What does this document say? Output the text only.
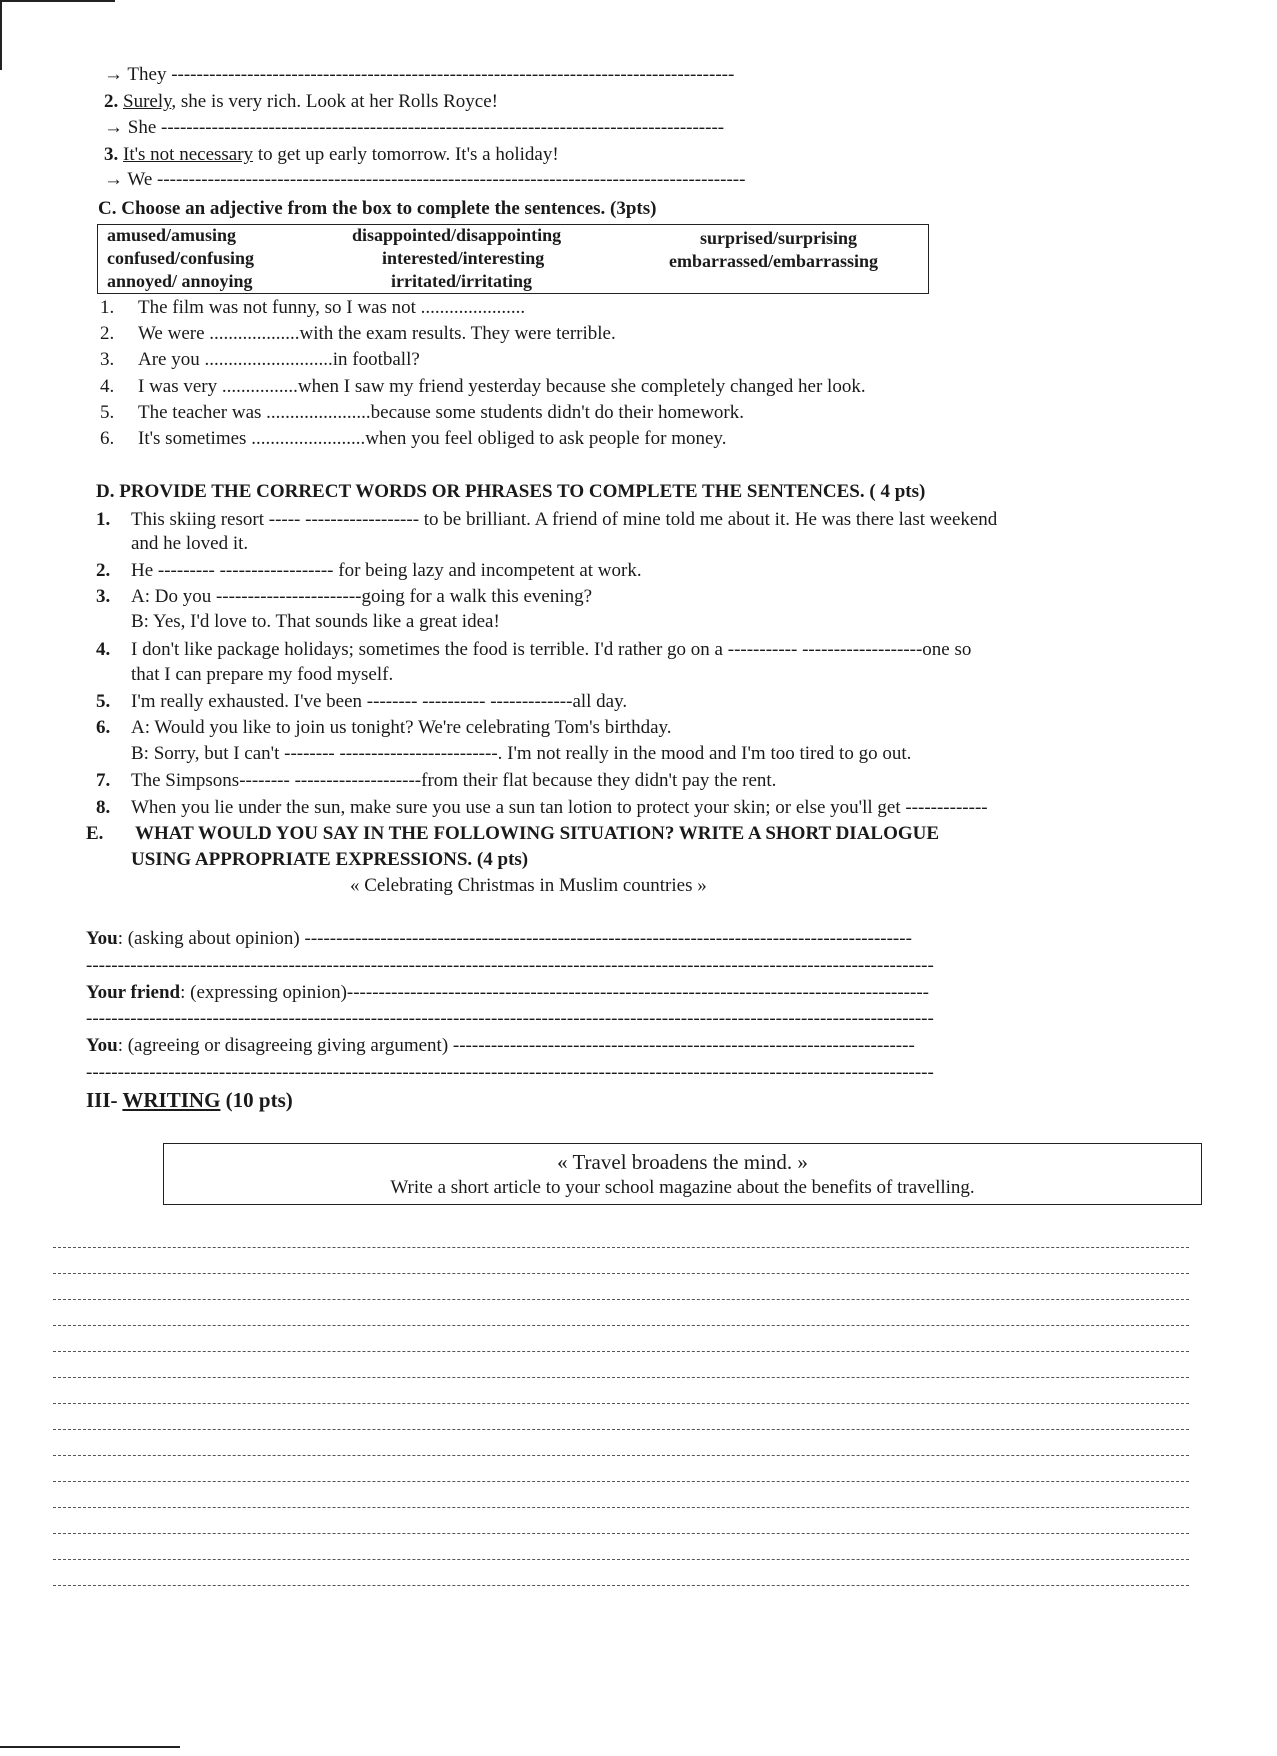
→ They -----------------------------------------------------------------------------------------
2. Surely, she is very rich. Look at her Rolls Royce!
→ She -----------------------------------------------------------------------------------------
3. It's not necessary to get up early tomorrow. It's a holiday!
→ We ---------------------------------------------------------------------------------------------
C. Choose an adjective from the box to complete the sentences. (3pts)
amused/amusing	disappointed/disappointing	surprised/surprising
confused/confusing	interested/interesting	embarrassed/embarrassing
annoyed/ annoying	irritated/irritating
1. The film was not funny, so I was not ......................
2. We were ...................with the exam results. They were terrible.
3. Are you ...........................in football?
4. I was very ................when I saw my friend yesterday because she completely changed her look.
5. The teacher was ......................because some students didn't do their homework.
6. It's sometimes ........................when you feel obliged to ask people for money.
D. PROVIDE THE CORRECT WORDS OR PHRASES TO COMPLETE THE SENTENCES. ( 4 pts)
1. This skiing resort ----- ------------------ to be brilliant. A friend of mine told me about it. He was there last weekend
and he loved it.
2. He --------- ------------------ for being lazy and incompetent at work.
3. A: Do you -----------------------going for a walk this evening?
B: Yes, I'd love to. That sounds like a great idea!
4. I don't like package holidays; sometimes the food is terrible. I'd rather go on a ----------- -------------------one so
that I can prepare my food myself.
5. I'm really exhausted. I've been -------- ---------- -------------all day.
6. A: Would you like to join us tonight? We're celebrating Tom's birthday.
B: Sorry, but I can't -------- -------------------------. I'm not really in the mood and I'm too tired to go out.
7. The Simpsons-------- --------------------from their flat because they didn't pay the rent.
8. When you lie under the sun, make sure you use a sun tan lotion to protect your skin; or else you'll get -------------
E. WHAT WOULD YOU SAY IN THE FOLLOWING SITUATION? WRITE A SHORT DIALOGUE
USING APPROPRIATE EXPRESSIONS. (4 pts)
« Celebrating Christmas in Muslim countries »
You: (asking about opinion) ------------------------------------------------------------------------------------------------
--------------------------------------------------------------------------------------------------------------------------------------
Your friend: (expressing opinion)--------------------------------------------------------------------------------------------
--------------------------------------------------------------------------------------------------------------------------------------
You: (agreeing or disagreeing giving argument) -------------------------------------------------------------------------
--------------------------------------------------------------------------------------------------------------------------------------
III- WRITING (10 pts)
« Travel broadens the mind. »
Write a short article to your school magazine about the benefits of travelling.
